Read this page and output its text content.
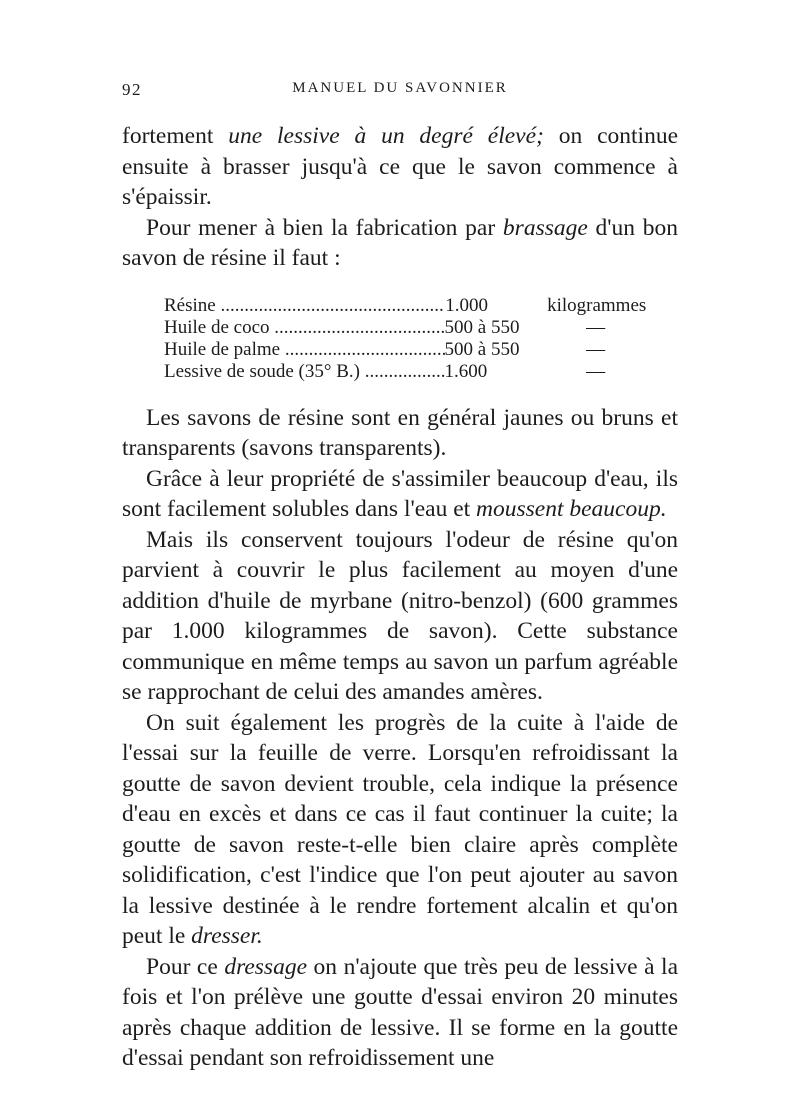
92	MANUEL DU SAVONNIER

fortement une lessive à un degré élevé; on continue ensuite à brasser jusqu'à ce que le savon commence à s'épaissir.

Pour mener à bien la fabrication par brassage d'un bon savon de résine il faut :

Résine .....	1.000	kilogrammes
Huile de coco .....	500 à 550	—
Huile de palme .....	500 à 550	—
Lessive de soude (35° B.) .....	1.600	—

Les savons de résine sont en général jaunes ou bruns et transparents (savons transparents).

Grâce à leur propriété de s'assimiler beaucoup d'eau, ils sont facilement solubles dans l'eau et moussent beaucoup.

Mais ils conservent toujours l'odeur de résine qu'on parvient à couvrir le plus facilement au moyen d'une addition d'huile de myrbane (nitro-benzol) (600 grammes par 1.000 kilogrammes de savon). Cette substance communique en même temps au savon un parfum agréable se rapprochant de celui des amandes amères.

On suit également les progrès de la cuite à l'aide de l'essai sur la feuille de verre. Lorsqu'en refroidissant la goutte de savon devient trouble, cela indique la présence d'eau en excès et dans ce cas il faut continuer la cuite; la goutte de savon reste-t-elle bien claire après complète solidification, c'est l'indice que l'on peut ajouter au savon la lessive destinée à le rendre fortement alcalin et qu'on peut le dresser.

Pour ce dressage on n'ajoute que très peu de lessive à la fois et l'on prélève une goutte d'essai environ 20 minutes après chaque addition de lessive. Il se forme en la goutte d'essai pendant son refroidissement une
